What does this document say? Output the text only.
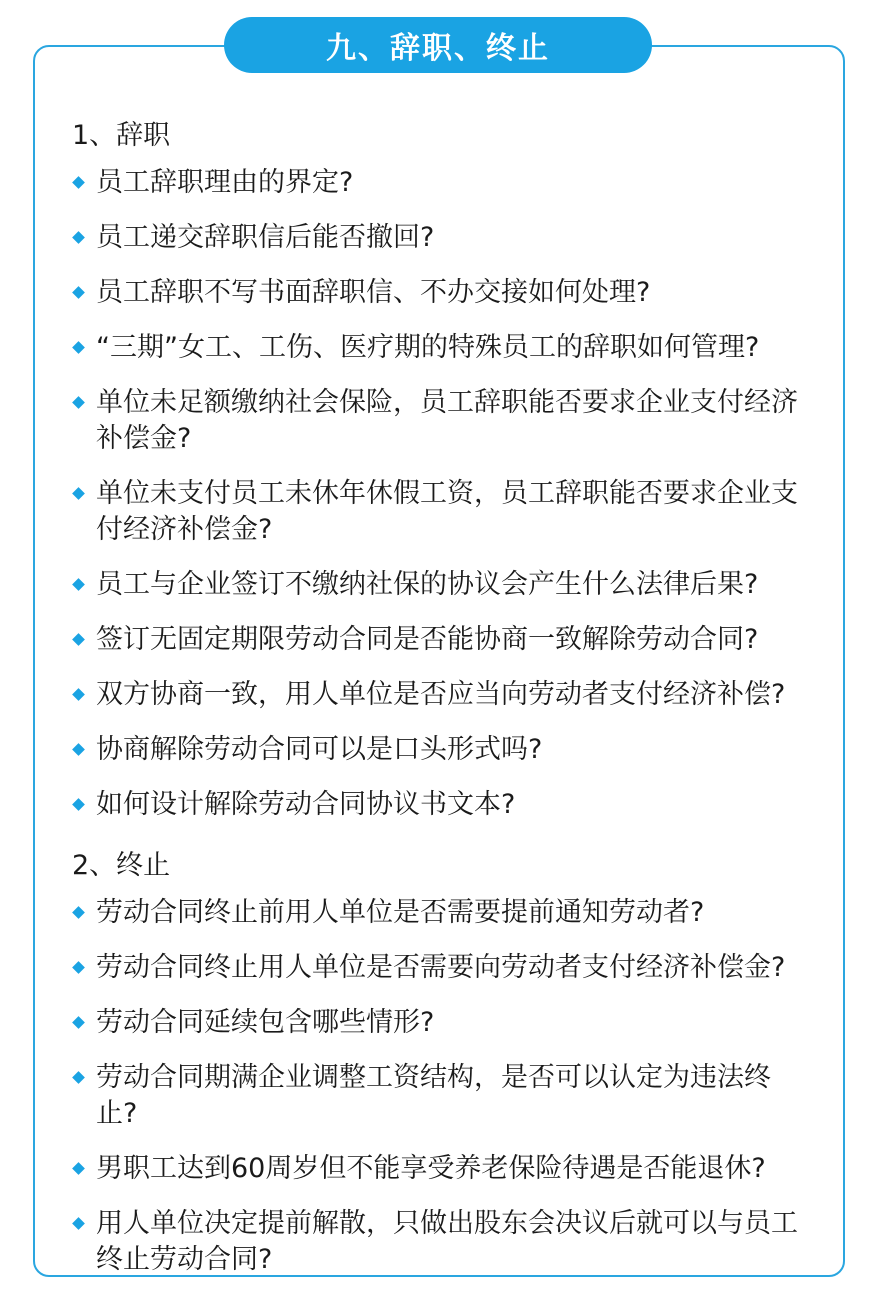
九、辞职、终止
1、辞职
员工辞职理由的界定?
员工递交辞职信后能否撤回?
员工辞职不写书面辞职信、不办交接如何处理?
“三期”女工、工伤、医疗期的特殊员工的辞职如何管理?
单位未足额缴纳社会保险，员工辞职能否要求企业支付经济补偿金?
单位未支付员工未休年休假工资，员工辞职能否要求企业支付经济补偿金?
员工与企业签订不缴纳社保的协议会产生什么法律后果?
签订无固定期限劳动合同是否能协商一致解除劳动合同?
双方协商一致，用人单位是否应当向劳动者支付经济补偿?
协商解除劳动合同可以是口头形式吗?
如何设计解除劳动合同协议书文本?
2、终止
劳动合同终止前用人单位是否需要提前通知劳动者?
劳动合同终止用人单位是否需要向劳动者支付经济补偿金?
劳动合同延续包含哪些情形?
劳动合同期满企业调整工资结构，是否可以认定为违法终止?
男职工达到60周岁但不能享受养老保险待遇是否能退休?
用人单位决定提前解散，只做出股东会决议后就可以与员工终止劳动合同?
